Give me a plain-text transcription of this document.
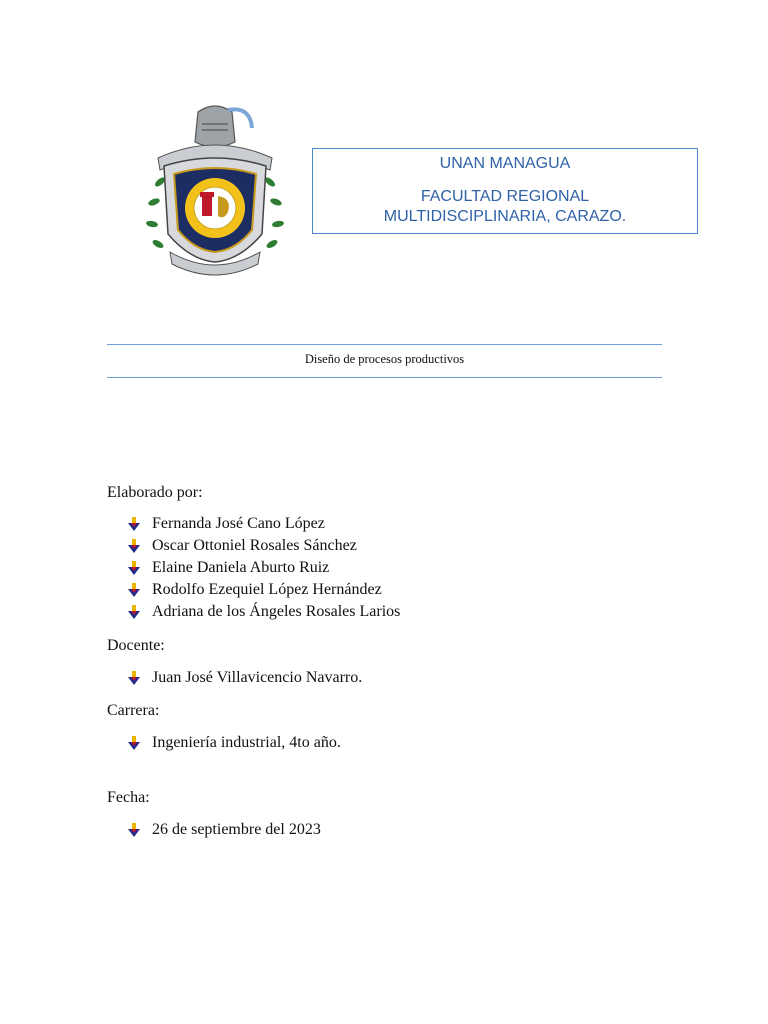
UNAN MANAGUA
FACULTAD REGIONAL
MULTIDISCIPLINARIA, CARAZO.
Diseño de procesos productivos
Elaborado por:
Fernanda José Cano López
Oscar Ottoniel Rosales Sánchez
Elaine Daniela Aburto Ruiz
Rodolfo Ezequiel López Hernández
Adriana de los Ángeles Rosales Larios
Docente:
Juan José Villavicencio Navarro.
Carrera:
Ingeniería industrial, 4to año.
Fecha:
26 de septiembre del 2023
